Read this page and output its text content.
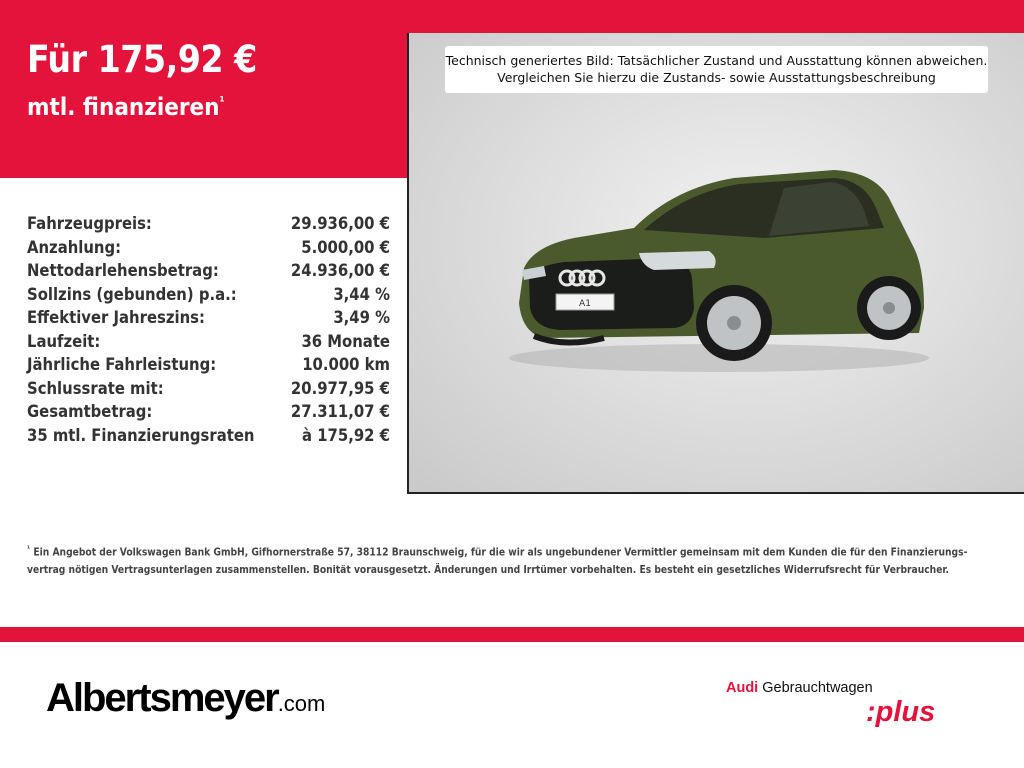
Für 175,92 €
mtl. finanzieren$^{^1}$
Fahrzeugpreis:	29.936,00 €
Anzahlung:	5.000,00 €
Nettodarlehensbetrag:	24.936,00 €
Sollzins (gebunden) p.a.:	3,44 %
Effektiver Jahreszins:	3,49 %
Laufzeit:	36 Monate
Jährliche Fahrleistung:	10.000 km
Schlussrate mit:	20.977,95 €
Gesamtbetrag:	27.311,07 €
35 mtl. Finanzierungsraten	à 175,92 €
Technisch generiertes Bild: Tatsächlicher Zustand und Ausstattung können abweichen.
Vergleichen Sie hierzu die Zustands- sowie Ausstattungsbeschreibung
A1
$^{^1}$ Ein Angebot der Volkswagen Bank GmbH, Gifhornerstraße 57, 38112 Braunschweig, für die wir als ungebundener Vermittler gemeinsam mit dem Kunden die für den Finanzierungs-vertrag nötigen Vertragsunterlagen zusammenstellen. Bonität vorausgesetzt. Änderungen und Irrtümer vorbehalten. Es besteht ein gesetzliches Widerrufsrecht für Verbraucher.
Albertsmeyer.com
Audi Gebrauchtwagen
:plus
